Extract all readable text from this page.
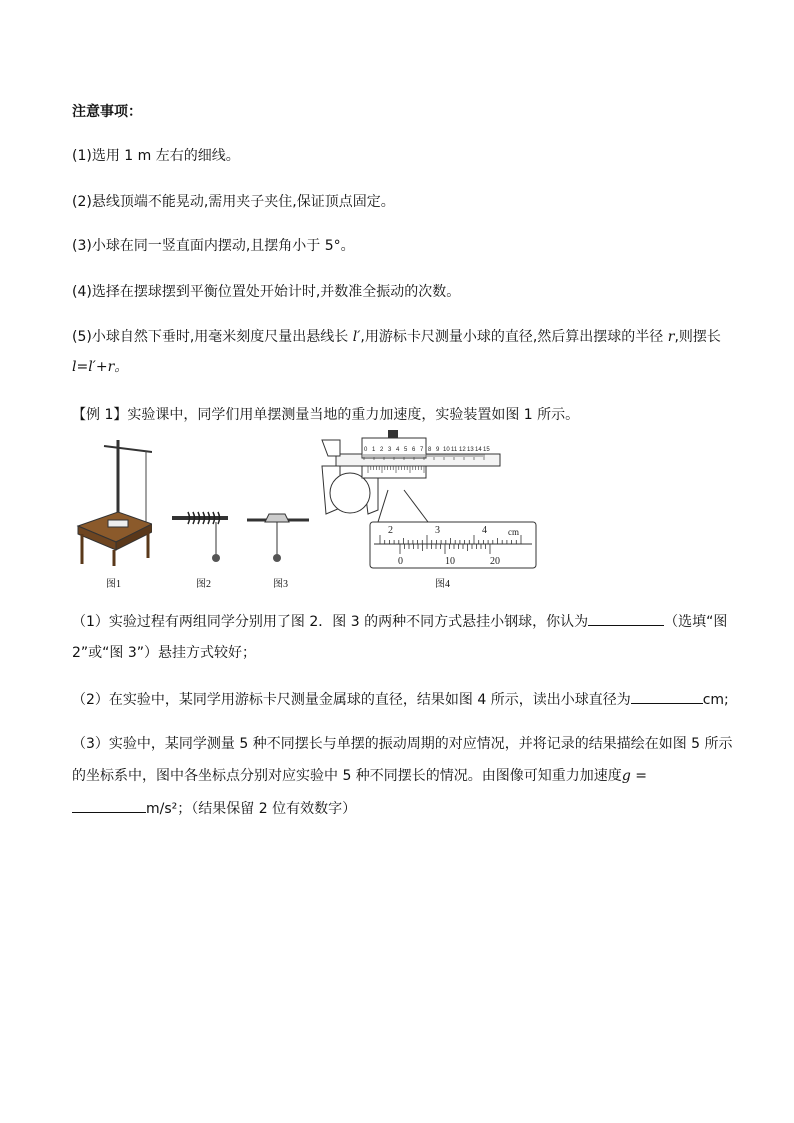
注意事项：
(1)选用 1 m 左右的细线。
(2)悬线顶端不能晃动,需用夹子夹住,保证顶点固定。
(3)小球在同一竖直面内摆动,且摆角小于 5°。
(4)选择在摆球摆到平衡位置处开始计时,并数准全振动的次数。
(5)小球自然下垂时,用毫米刻度尺量出悬线长 l′,用游标卡尺测量小球的直径,然后算出摆球的半径 r,则摆长
l=l′+r。
【例 1】实验课中，同学们用单摆测量当地的重力加速度，实验装置如图 1 所示。
图1	图2	图3
0 1 2 3 4 5 6 7 8 9 10 11 12 13 14 15
2	3	4 cm
0	10	20
图4
（1）实验过程有两组同学分别用了图 2．图 3 的两种不同方式悬挂小钢球，你认为	（选填“图
2”或“图 3”）悬挂方式较好；
（2）在实验中，某同学用游标卡尺测量金属球的直径，结果如图 4 所示，读出小球直径为	cm;
（3）实验中，某同学测量 5 种不同摆长与单摆的振动周期的对应情况，并将记录的结果描绘在如图 5 所示
的坐标系中，图中各坐标点分别对应实验中 5 种不同摆长的情况。由图像可知重力加速度g =
m/s²；（结果保留 2 位有效数字）
